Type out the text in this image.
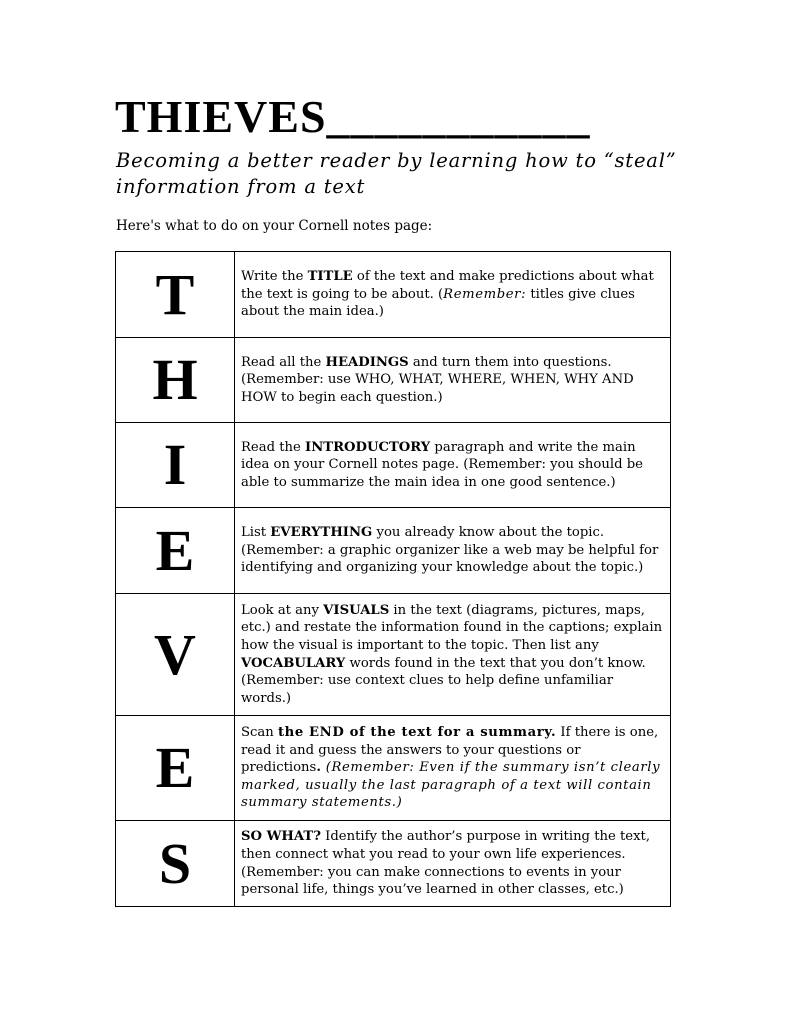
THIEVES___________

Becoming a better reader by learning how to “steal” information from a text

Here's what to do on your Cornell notes page:

T	Write the TITLE of the text and make predictions about what the text is going to be about. (Remember: titles give clues about the main idea.)
H	Read all the HEADINGS and turn them into questions. (Remember: use WHO, WHAT, WHERE, WHEN, WHY AND HOW to begin each question.)
I	Read the INTRODUCTORY paragraph and write the main idea on your Cornell notes page. (Remember: you should be able to summarize the main idea in one good sentence.)
E	List EVERYTHING you already know about the topic. (Remember: a graphic organizer like a web may be helpful for identifying and organizing your knowledge about the topic.)
V	Look at any VISUALS in the text (diagrams, pictures, maps, etc.) and restate the information found in the captions; explain how the visual is important to the topic. Then list any VOCABULARY words found in the text that you don’t know. (Remember: use context clues to help define unfamiliar words.)
E	Scan the END of the text for a summary. If there is one, read it and guess the answers to your questions or predictions. (Remember: Even if the summary isn’t clearly marked, usually the last paragraph of a text will contain summary statements.)
S	SO WHAT? Identify the author’s purpose in writing the text, then connect what you read to your own life experiences. (Remember: you can make connections to events in your personal life, things you’ve learned in other classes, etc.)
